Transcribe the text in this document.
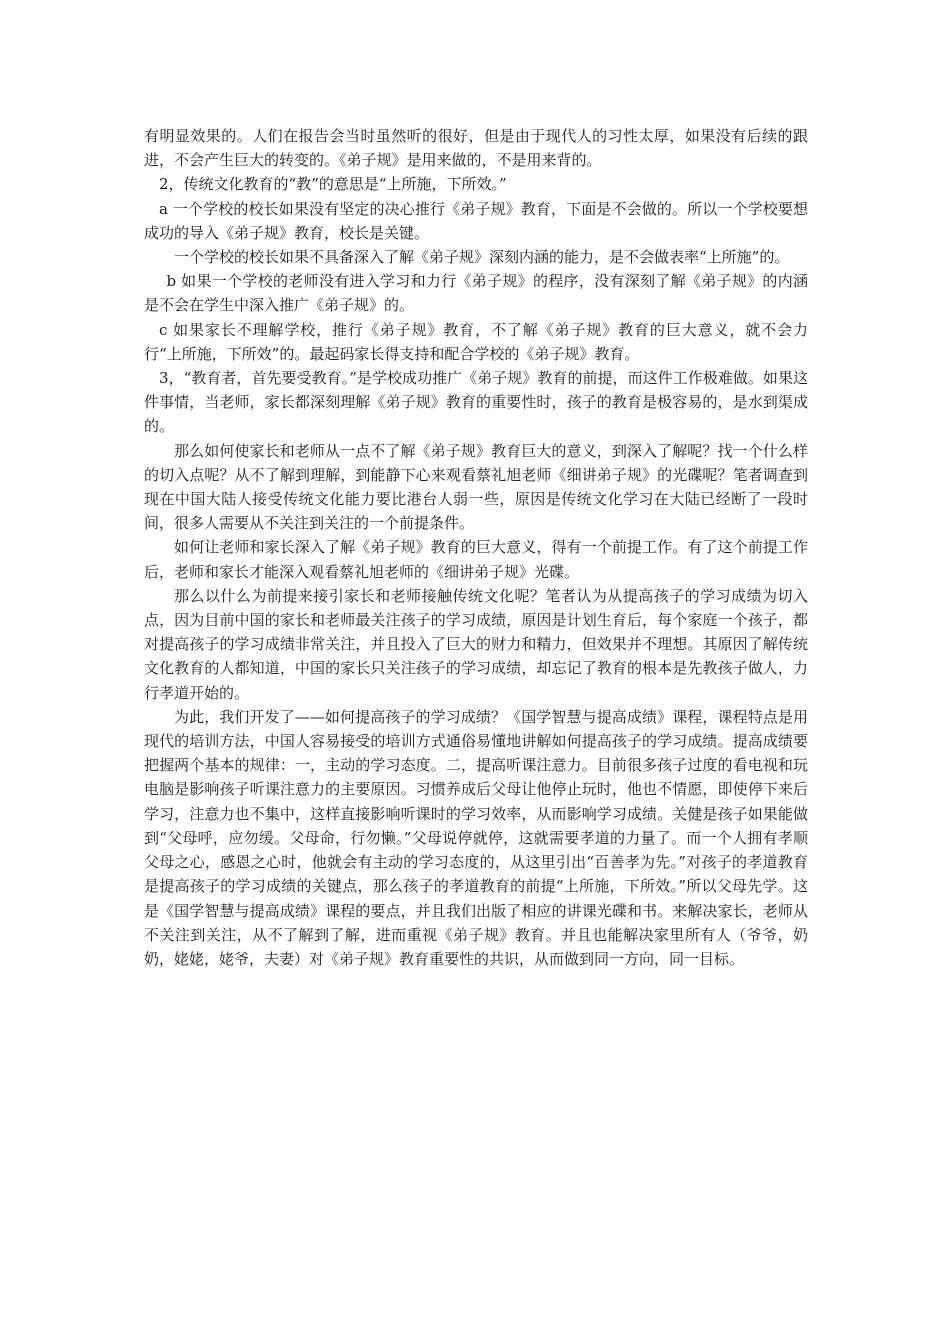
有明显效果的。人们在报告会当时虽然听的很好，但是由于现代人的习性太厚，如果没有后续的跟进，不会产生巨大的转变的。《弟子规》是用来做的，不是用来背的。

2，传统文化教育的“教”的意思是“上所施，下所效。”

a 一个学校的校长如果没有坚定的决心推行《弟子规》教育，下面是不会做的。所以一个学校要想成功的导入《弟子规》教育，校长是关键。

一个学校的校长如果不具备深入了解《弟子规》深刻内涵的能力，是不会做表率“上所施”的。

b 如果一个学校的老师没有进入学习和力行《弟子规》的程序，没有深刻了解《弟子规》的内涵是不会在学生中深入推广《弟子规》的。

c 如果家长不理解学校，推行《弟子规》教育，不了解《弟子规》教育的巨大意义，就不会力行“上所施，下所效”的。最起码家长得支持和配合学校的《弟子规》教育。

3，“教育者，首先要受教育。”是学校成功推广《弟子规》教育的前提，而这件工作极难做。如果这件事情，当老师，家长都深刻理解《弟子规》教育的重要性时，孩子的教育是极容易的，是水到渠成的。

那么如何使家长和老师从一点不了解《弟子规》教育巨大的意义，到深入了解呢？找一个什么样的切入点呢？从不了解到理解，到能静下心来观看蔡礼旭老师《细讲弟子规》的光碟呢？笔者调查到现在中国大陆人接受传统文化能力要比港台人弱一些，原因是传统文化学习在大陆已经断了一段时间，很多人需要从不关注到关注的一个前提条件。

如何让老师和家长深入了解《弟子规》教育的巨大意义，得有一个前提工作。有了这个前提工作后，老师和家长才能深入观看蔡礼旭老师的《细讲弟子规》光碟。

那么以什么为前提来接引家长和老师接触传统文化呢？笔者认为从提高孩子的学习成绩为切入点，因为目前中国的家长和老师最关注孩子的学习成绩，原因是计划生育后，每个家庭一个孩子，都对提高孩子的学习成绩非常关注，并且投入了巨大的财力和精力，但效果并不理想。其原因了解传统文化教育的人都知道，中国的家长只关注孩子的学习成绩，却忘记了教育的根本是先教孩子做人，力行孝道开始的。

为此，我们开发了——如何提高孩子的学习成绩？《国学智慧与提高成绩》课程，课程特点是用现代的培训方法，中国人容易接受的培训方式通俗易懂地讲解如何提高孩子的学习成绩。提高成绩要把握两个基本的规律：一，主动的学习态度。二，提高听课注意力。目前很多孩子过度的看电视和玩电脑是影响孩子听课注意力的主要原因。习惯养成后父母让他停止玩时，他也不情愿，即使停下来后学习，注意力也不集中，这样直接影响听课时的学习效率，从而影响学习成绩。关健是孩子如果能做到“父母呼，应勿缓。父母命，行勿懒。”父母说停就停，这就需要孝道的力量了。而一个人拥有孝顺父母之心，感恩之心时，他就会有主动的学习态度的，从这里引出“百善孝为先。”对孩子的孝道教育是提高孩子的学习成绩的关键点，那么孩子的孝道教育的前提“上所施，下所效。”所以父母先学。这是《国学智慧与提高成绩》课程的要点，并且我们出版了相应的讲课光碟和书。来解决家长，老师从不关注到关注，从不了解到了解，进而重视《弟子规》教育。并且也能解决家里所有人（爷爷，奶奶，姥姥，姥爷，夫妻）对《弟子规》教育重要性的共识，从而做到同一方向，同一目标。
